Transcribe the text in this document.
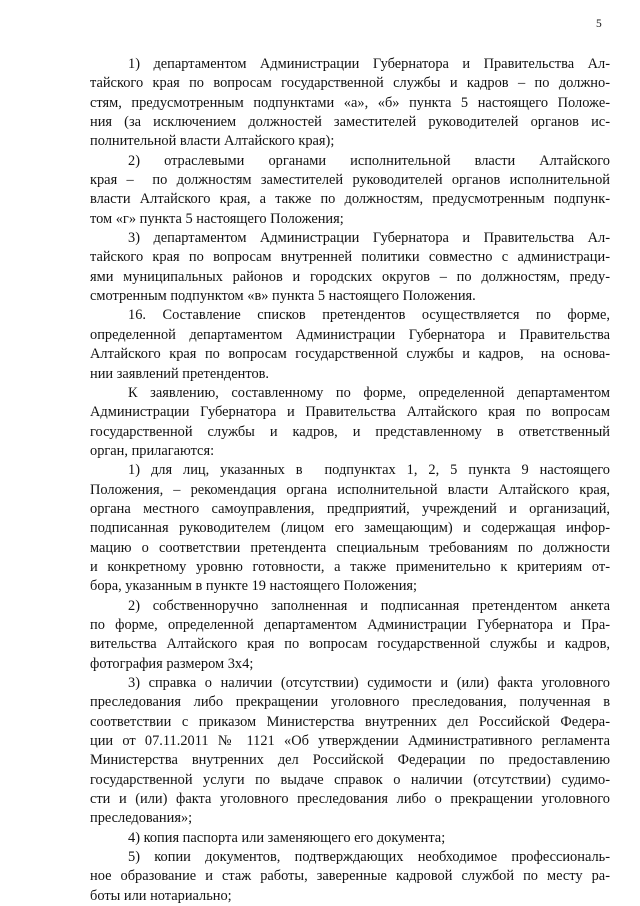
5
1) департаментом Администрации Губернатора и Правительства Ал-
тайского края по вопросам государственной службы и кадров – по должно-
стям, предусмотренным подпунктами «а», «б» пункта 5 настоящего Положе-
ния (за исключением должностей заместителей руководителей органов ис-
полнительной власти Алтайского края);
2)   отраслевыми   органами   исполнительной   власти   Алтайского
края –  по должностям заместителей руководителей органов исполнительной
власти Алтайского края, а также по должностям, предусмотренным подпунк-
том «г» пункта 5 настоящего Положения;
3) департаментом Администрации Губернатора и Правительства Ал-
тайского края по вопросам внутренней политики совместно с администраци-
ями муниципальных районов и городских округов – по должностям, преду-
смотренным подпунктом «в» пункта 5 настоящего Положения.
16. Составление списков претендентов осуществляется по форме,
определенной департаментом Администрации Губернатора и Правительства
Алтайского края по вопросам государственной службы и кадров,  на основа-
нии заявлений претендентов.
К заявлению, составленному по форме, определенной департаментом
Администрации Губернатора и Правительства Алтайского края по вопросам
государственной службы и кадров, и представленному в ответственный
орган, прилагаются:
1) для лиц, указанных в  подпунктах 1, 2, 5 пункта 9 настоящего
Положения, – рекомендация органа исполнительной власти Алтайского края,
органа местного самоуправления, предприятий, учреждений и организаций,
подписанная руководителем (лицом его замещающим) и содержащая инфор-
мацию о соответствии претендента специальным требованиям по должности
и конкретному уровню готовности, а также применительно к критериям от-
бора, указанным в пункте 19 настоящего Положения;
2) собственноручно заполненная и подписанная претендентом анкета
по форме, определенной департаментом Администрации Губернатора и Пра-
вительства Алтайского края по вопросам государственной службы и кадров,
фотография размером 3х4;
3) справка о наличии (отсутствии) судимости и (или) факта уголовного
преследования либо прекращении уголовного преследования, полученная в
соответствии с приказом Министерства внутренних дел Российской Федера-
ции от 07.11.2011 № 1121 «Об утверждении Административного регламента
Министерства внутренних дел Российской Федерации по предоставлению
государственной услуги по выдаче справок о наличии (отсутствии) судимо-
сти и (или) факта уголовного преследования либо о прекращении уголовного
преследования»;
4) копия паспорта или заменяющего его документа;
5) копии документов, подтверждающих необходимое профессиональ-
ное образование и стаж работы, заверенные кадровой службой по месту ра-
боты или нотариально;
